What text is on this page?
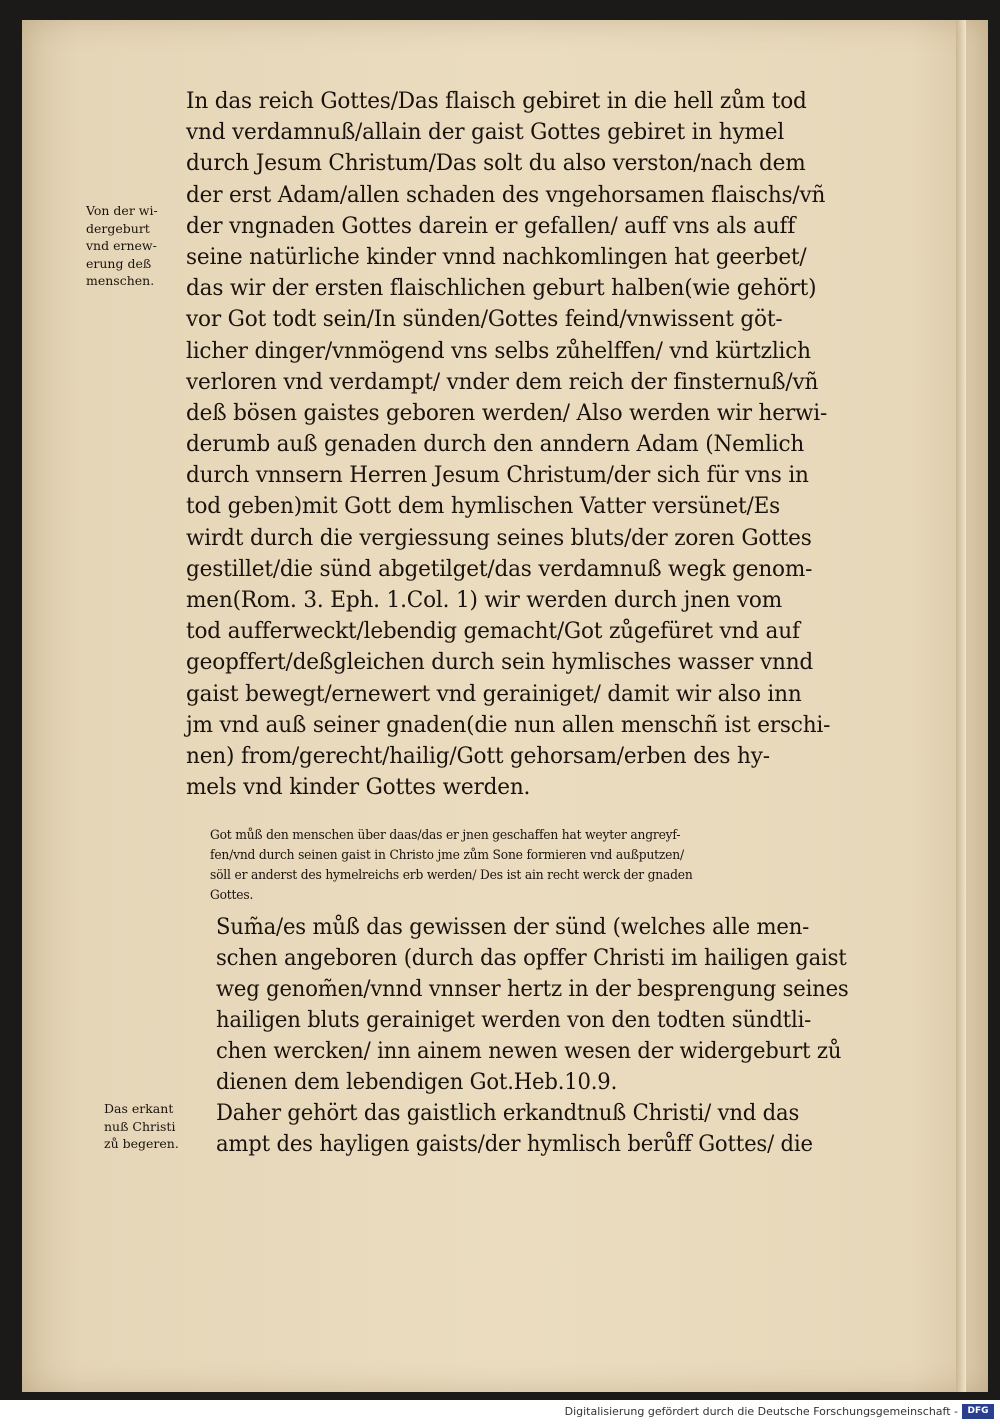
In das reich Gottes/Das flaisch gebiret in die hell zům tod
vnd verdamnuß/allain der gaist Gottes gebiret in hymel
durch Jesum Christum/Das solt du also verston/nach dem
der erst Adam/allen schaden des vngehorsamen flaischs/vñ
der vngnaden Gottes darein er gefallen/ auff vns als auff
seine natürliche kinder vnnd nachkomlingen hat geerbet/
das wir der ersten flaischlichen geburt halben(wie gehört)
vor Got todt sein/In sünden/Gottes feind/vnwissent göt-
licher dinger/vnmögend vns selbs zůhelffen/ vnd kürtzlich
verloren vnd verdampt/ vnder dem reich der finsternuß/vñ
deß bösen gaistes geboren werden/ Also werden wir herwi-
derumb auß genaden durch den anndern Adam (Nemlich
durch vnnsern Herren Jesum Christum/der sich für vns in
tod geben)mit Gott dem hymlischen Vatter versünet/Es
wirdt durch die vergiessung seines bluts/der zoren Gottes
gestillet/die sünd abgetilget/das verdamnuß wegk genom-
men(Rom. 3. Eph. 1.Col. 1) wir werden durch jnen vom
tod aufferweckt/lebendig gemacht/Got zůgefüret vnd auf
geopffert/deßgleichen durch sein hymlisches wasser vnnd
gaist bewegt/ernewert vnd gerainiget/ damit wir also inn
jm vnd auß seiner gnaden(die nun allen menschñ ist erschi-
nen) from/gerecht/hailig/Gott gehorsam/erben des hy-
mels vnd kinder Gottes werden.
Got můß den menschen über daas/das er jnen geschaffen hat weyter angreyf-
fen/vnd durch seinen gaist in Christo jme zům Sone formieren vnd außputzen/
söll er anderst des hymelreichs erb werden/ Des ist ain recht werck der gnaden
Gottes.
Sum̃a/es můß das gewissen der sünd (welches alle men-
schen angeboren (durch das opffer Christi im hailigen gaist
weg genom̃en/vnnd vnnser hertz in der besprengung seines
hailigen bluts gerainiget werden von den todten sündtli-
chen wercken/ inn ainem newen wesen der widergeburt zů
dienen dem lebendigen Got.Heb.10.9.
Daher gehört das gaistlich erkandtnuß Christi/ vnd das
ampt des hayligen gaists/der hymlisch berůff Gottes/ die
Von der wi-
dergeburt
vnd ernew-
erung deß
menschen.
Das erkant
nuß Christi
zů begeren.
Digitalisierung gefördert durch die Deutsche Forschungsgemeinschaft -	DFG
